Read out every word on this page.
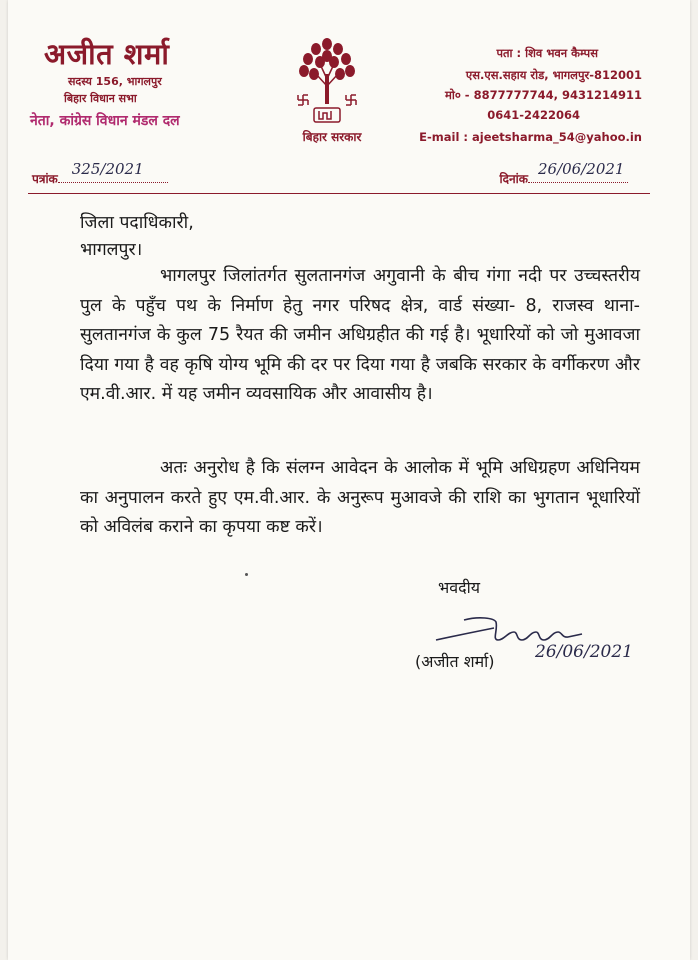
अजीत शर्मा
सदस्य 156, भागलपुर
बिहार विधान सभा
नेता, कांग्रेस विधान मंडल दल
बिहार सरकार
पता : शिव भवन कैम्पस
एस.एस.सहाय रोड, भागलपुर-812001
मो० - 8877777744, 9431214911
0641-2422064
E-mail : ajeetsharma_54@yahoo.in
पत्रांक
325/2021
दिनांक
26/06/2021
जिला पदाधिकारी,
भागलपुर।
भागलपुर जिलांतर्गत सुलतानगंज अगुवानी के बीच गंगा नदी पर उच्चस्तरीय पुल के पहुँच पथ के निर्माण हेतु नगर परिषद क्षेत्र, वार्ड संख्या- 8, राजस्व थाना- सुलतानगंज के कुल 75 रैयत की जमीन अधिग्रहीत की गई है। भूधारियों को जो मुआवजा दिया गया है वह कृषि योग्य भूमि की दर पर दिया गया है जबकि सरकार के वर्गीकरण और एम.वी.आर. में यह जमीन व्यवसायिक और आवासीय है।
अतः अनुरोध है कि संलग्न आवेदन के आलोक में भूमि अधिग्रहण अधिनियम का अनुपालन करते हुए एम.वी.आर. के अनुरूप मुआवजे की राशि का भुगतान भूधारियों को अविलंब कराने का कृपया कष्ट करें।
भवदीय
(अजीत शर्मा) 26/06/2021
